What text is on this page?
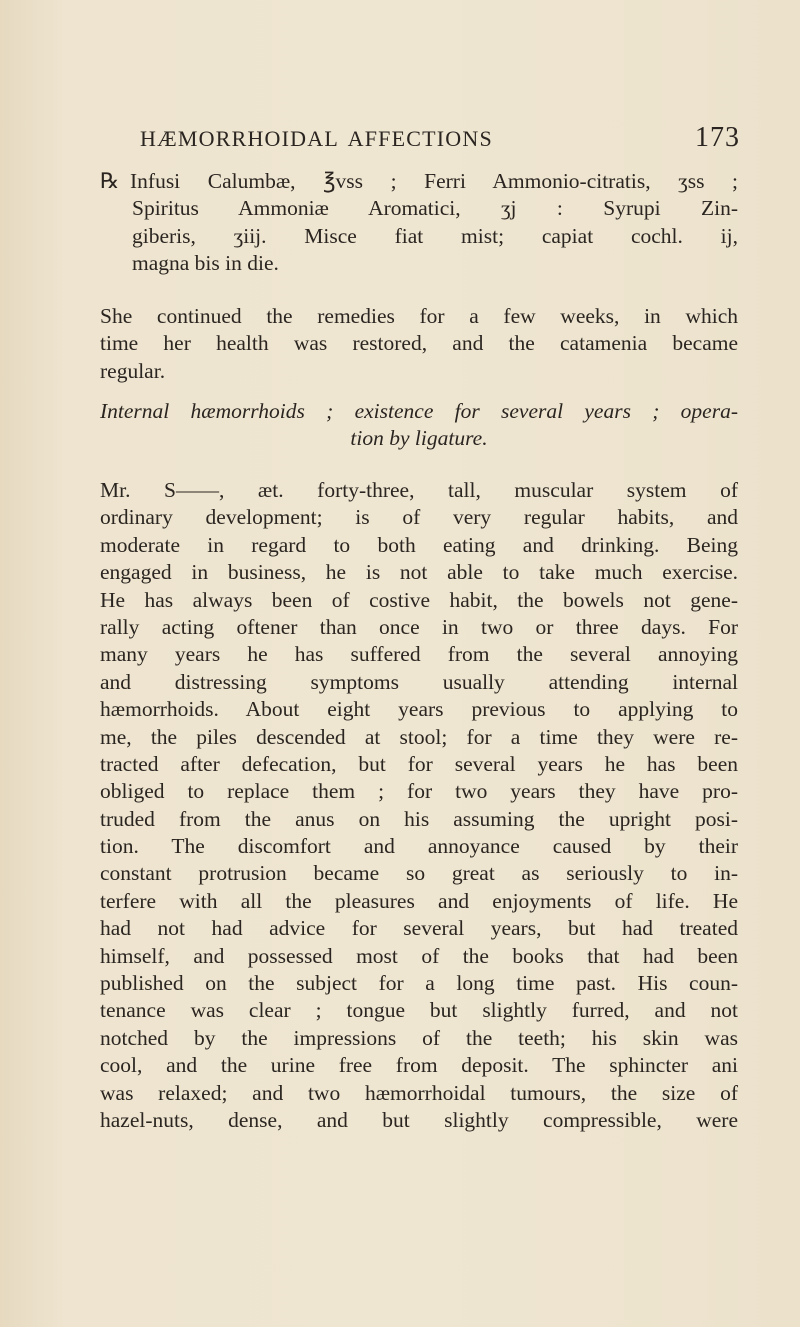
HÆMORRHOIDAL AFFECTIONS	173
℞ Infusi Calumbæ, ℥vss ; Ferri Ammonio-citratis, ʒss ;
Spiritus Ammoniæ Aromatici, ʒj : Syrupi Zin-
giberis, ʒiij. Misce fiat mist; capiat cochl. ij,
magna bis in die.
She continued the remedies for a few weeks, in which
time her health was restored, and the catamenia became
regular.
Internal hæmorrhoids ; existence for several years ; opera-
tion by ligature.
Mr. S——, æt. forty-three, tall, muscular system of
ordinary development; is of very regular habits, and
moderate in regard to both eating and drinking. Being
engaged in business, he is not able to take much exercise.
He has always been of costive habit, the bowels not gene-
rally acting oftener than once in two or three days. For
many years he has suffered from the several annoying
and distressing symptoms usually attending internal
hæmorrhoids. About eight years previous to applying to
me, the piles descended at stool; for a time they were re-
tracted after defecation, but for several years he has been
obliged to replace them ; for two years they have pro-
truded from the anus on his assuming the upright posi-
tion. The discomfort and annoyance caused by their
constant protrusion became so great as seriously to in-
terfere with all the pleasures and enjoyments of life. He
had not had advice for several years, but had treated
himself, and possessed most of the books that had been
published on the subject for a long time past. His coun-
tenance was clear ; tongue but slightly furred, and not
notched by the impressions of the teeth; his skin was
cool, and the urine free from deposit. The sphincter ani
was relaxed; and two hæmorrhoidal tumours, the size of
hazel-nuts, dense, and but slightly compressible, were
